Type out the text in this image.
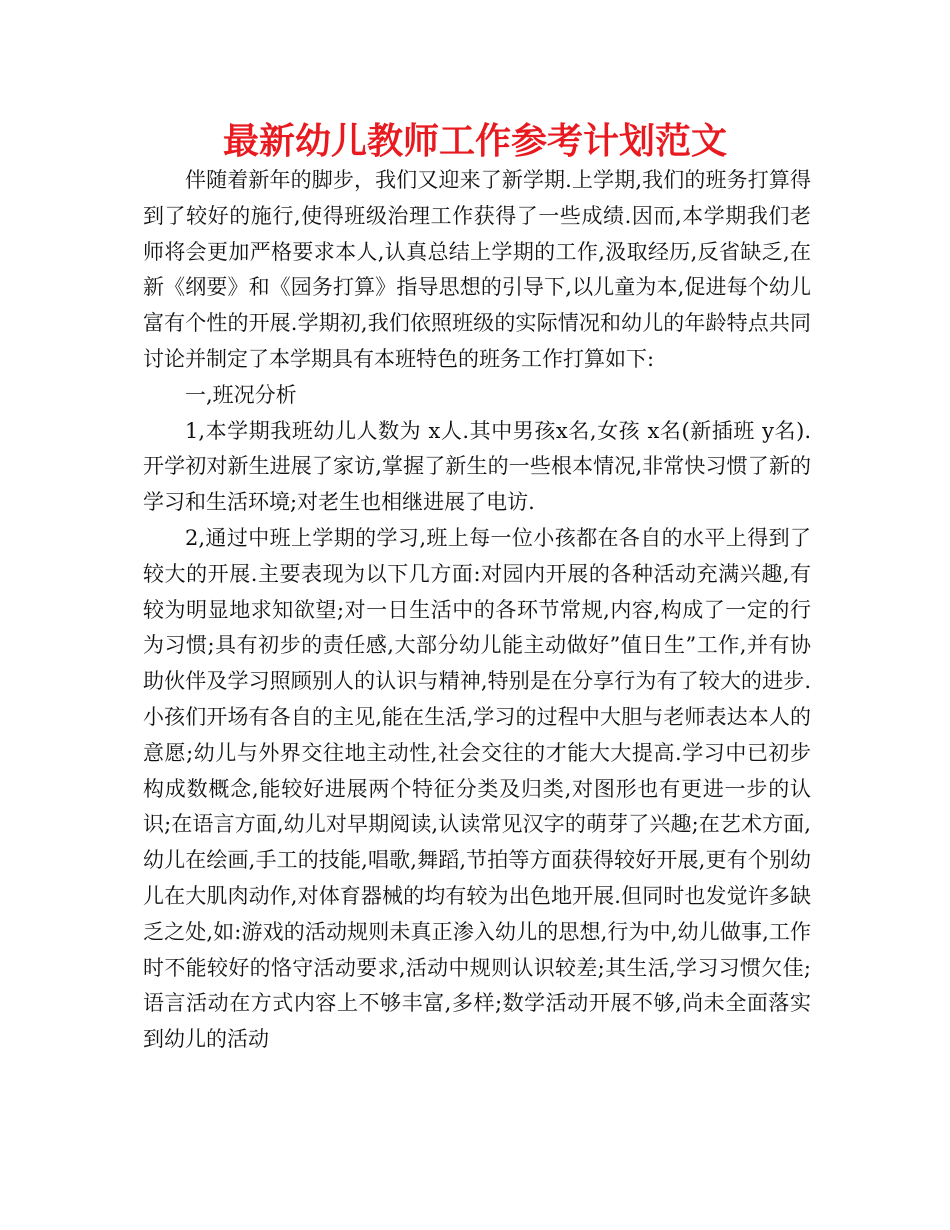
最新幼儿教师工作参考计划范文

伴随着新年的脚步，我们又迎来了新学期.上学期,我们的班务打算得到了较好的施行,使得班级治理工作获得了一些成绩.因而,本学期我们老师将会更加严格要求本人,认真总结上学期的工作,汲取经历,反省缺乏,在新《纲要》和《园务打算》指导思想的引导下,以儿童为本,促进每个幼儿富有个性的开展.学期初,我们依照班级的实际情况和幼儿的年龄特点共同讨论并制定了本学期具有本班特色的班务工作打算如下:

一,班况分析

1,本学期我班幼儿人数为 x人.其中男孩x名,女孩 x名(新插班 y名).开学初对新生进展了家访,掌握了新生的一些根本情况,非常快习惯了新的学习和生活环境;对老生也相继进展了电访.

2,通过中班上学期的学习,班上每一位小孩都在各自的水平上得到了较大的开展.主要表现为以下几方面:对园内开展的各种活动充满兴趣,有较为明显地求知欲望;对一日生活中的各环节常规,内容,构成了一定的行为习惯;具有初步的责任感,大部分幼儿能主动做好”值日生”工作,并有协助伙伴及学习照顾别人的认识与精神,特别是在分享行为有了较大的进步.小孩们开场有各自的主见,能在生活,学习的过程中大胆与老师表达本人的意愿;幼儿与外界交往地主动性,社会交往的才能大大提高.学习中已初步构成数概念,能较好进展两个特征分类及归类,对图形也有更进一步的认识;在语言方面,幼儿对早期阅读,认读常见汉字的萌芽了兴趣;在艺术方面,幼儿在绘画,手工的技能,唱歌,舞蹈,节拍等方面获得较好开展,更有个别幼儿在大肌肉动作,对体育器械的均有较为出色地开展.但同时也发觉许多缺乏之处,如:游戏的活动规则未真正渗入幼儿的思想,行为中,幼儿做事,工作时不能较好的恪守活动要求,活动中规则认识较差;其生活,学习习惯欠佳;语言活动在方式内容上不够丰富,多样;数学活动开展不够,尚未全面落实到幼儿的活动
